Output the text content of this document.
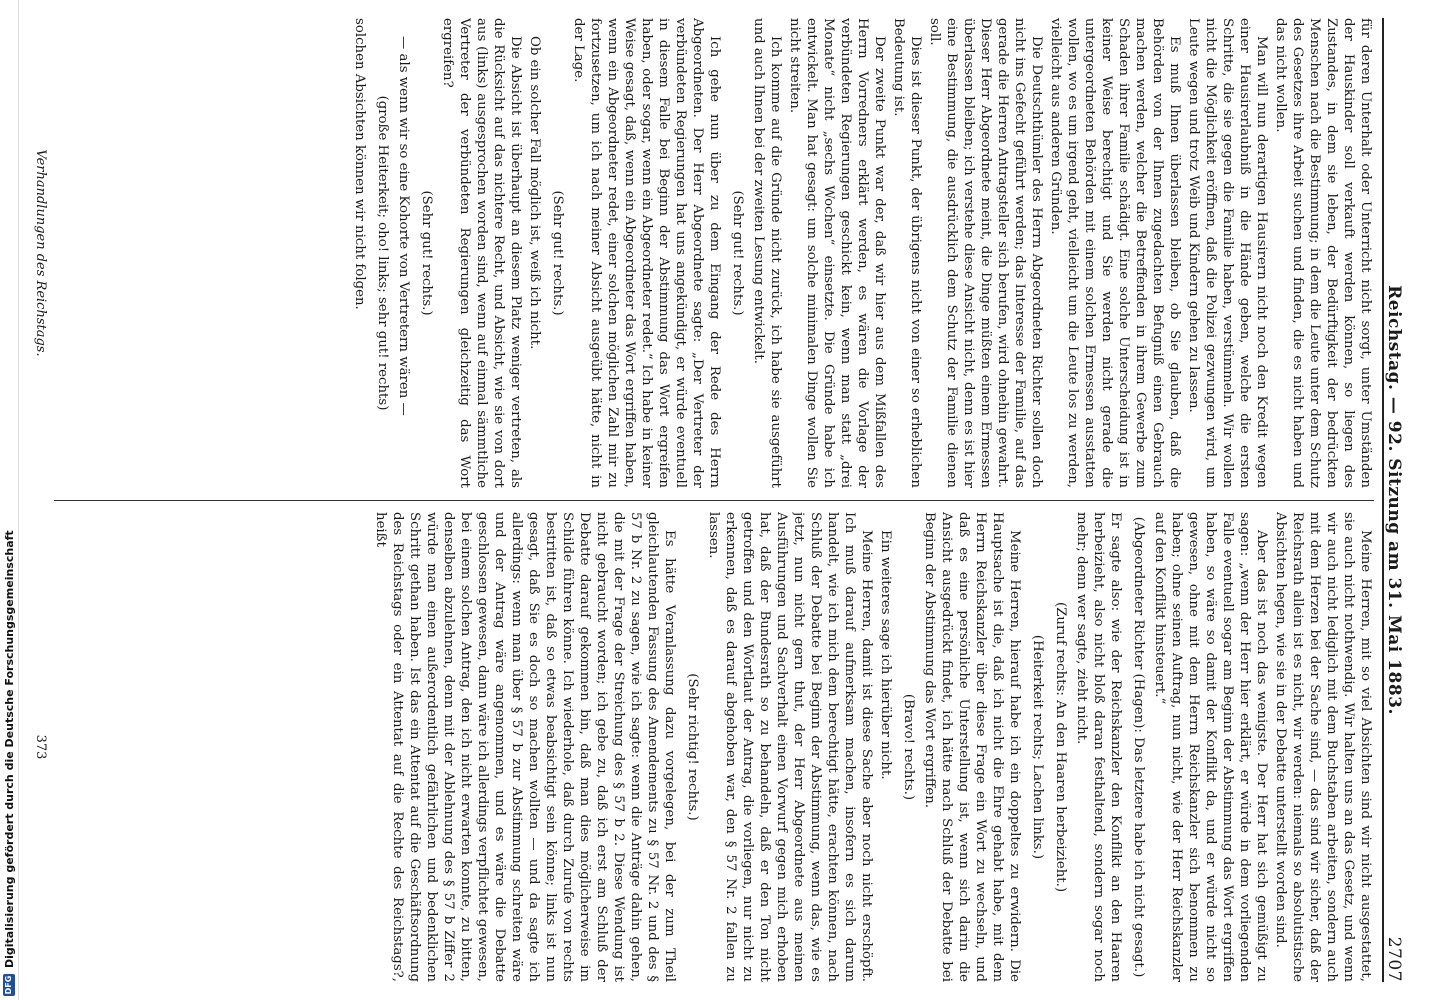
DFG
Digitalisierung gefördert durch die Deutsche Forschungsgemeinschaft
Reichstag. — 92. Sitzung am 31. Mai 1883.
2707

für deren Unterhalt oder Unterricht nicht sorgt, unter Umständen der Hauskinder soll verkauft werden können, so liegen des Zustandes, in dem sie leben, der Bedürftigkeit der bedrückten Menschen nach die Bestimmung; in dem die Leute unter dem Schutz des Gesetzes ihre Arbeit suchen und finden, die es nicht haben und das nicht wollen.

Man will nun derartigen Hausirern nicht noch den Kredit wegen einer Hausirerlaubniß in die Hände geben, welche die ersten Schritte, die sie gegen die Familie haben, verstümmeln. Wir wollen nicht die Möglichkeit eröffnen, daß die Polizei gezwungen wird, um Leute wegen und trotz Weib und Kindern gehen zu lassen.

Es muß Ihnen überlassen bleiben, ob Sie glauben, daß die Behörden von der Ihnen zugedachten Befugniß einen Gebrauch machen werden, welcher die Betreffenden in ihrem Gewerbe zum Schaden ihrer Familie schädigt. Eine solche Unterscheidung ist in keiner Weise berechtigt und Sie werden nicht gerade die untergeordneten Behörden mit einem solchen Ermessen ausstatten wollen, wo es um irgend geht, vielleicht um die Leute los zu werden, vielleicht aus anderen Gründen.

Die Deutschthümler des Herrn Abgeordneten Richter sollen doch nicht ins Gefecht geführt werden; das Interesse der Familie, auf das gerade die Herren Antragsteller sich berufen, wird ohnehin gewahrt. Dieser Herr Abgeordnete meint, die Dinge müßten einem Ermessen überlassen bleiben; ich verstehe diese Ansicht nicht, denn es ist hier eine Bestimmung, die ausdrücklich dem Schutz der Familie dienen soll.

Dies ist dieser Punkt, der übrigens nicht von einer so erheblichen Bedeutung ist.

Der zweite Punkt war der, daß wir hier aus dem Mißfallen des Herrn Vorredners erklärt werden, es wären die Vorlage der verbündeten Regierungen geschickt kein, wenn man statt „drei Monate“ nicht „sechs Wochen“ einsetzte. Die Gründe habe ich entwickelt. Man hat gesagt: um solche minimalen Dinge wollen Sie nicht streiten.

Ich komme auf die Gründe nicht zurück, ich habe sie ausgeführt und auch Ihnen bei der zweiten Lesung entwickelt.

(Sehr gut! rechts.)

Ich gehe nun über zu dem Eingang der Rede des Herrn Abgeordneten. Der Herr Abgeordnete sagte: „Der Vertreter der verbündeten Regierungen hat uns angekündigt, er würde eventuell in diesem Falle bei Beginn der Abstimmung das Wort ergreifen haben, oder sogar, wenn ein Abgeordneter redet.“ Ich habe in keiner Weise gesagt, daß, wenn ein Abgeordneter das Wort ergriffen haben, wenn ein Abgeordneter redet, einer solchen möglichen Zahl mir zu fortzusetzen, um ich nach meiner Absicht ausgeübt hätte, nicht in der Lage.

(Sehr gut! rechts.)

Ob ein solcher Fall möglich ist, weiß ich nicht.

Die Absicht ist überhaupt an diesem Platz weniger vertreten, als die Rücksicht auf das nichtere Recht, und Absicht, wie sie von dort aus (links) ausgesprochen worden sind, wenn auf einmal sämmtliche Vertreter der verbündeten Regierungen gleichzeitig das Wort ergreifen?

(Sehr gut! rechts.)

— als wenn wir so eine Kohorte von Vertretern wären —

(große Heiterkeit; oho! links; sehr gut! rechts)

solchen Absichten können wir nicht folgen.

Meine Herren, mit so viel Absichten sind wir nicht ausgestattet, sie auch nicht nothwendig. Wir halten uns an das Gesetz, und wenn wir auch nicht lediglich mit dem Buchstaben arbeiten, sondern auch mit dem Herzen bei der Sache sind, — das sind wir sicher, daß der Reichsrath allein ist es nicht, wir werden: niemals so absolutistische Absichten hegen, wie sie in der Debatte unterstellt worden sind.

Aber das ist noch das wenigste. Der Herr hat sich gemüßigt zu sagen: „wenn der Herr hier erklärt, er würde in dem vorliegenden Falle eventuell sogar am Beginn der Abstimmung das Wort ergriffen haben, so wäre so damit der Konflikt da, und er würde nicht so gewesen, ohne mit dem Herrn Reichskanzler sich benommen zu haben; ohne seinen Auftrag, nun nicht, wie der Herr Reichskanzler auf den Konflikt hinsteuert.“

(Abgeordneter Richter (Hagen): Das letztere habe ich nicht gesagt.)

Er sagte also: wie der Reichskanzler den Konflikt an den Haaren herbeizieht, also nicht bloß daran festhaltend, sondern sogar noch mehr; denn wer sagte, zieht nicht.

(Zuruf rechts: An den Haaren herbeizieht.)

(Heiterkeit rechts; Lachen links.)

Meine Herren, hierauf habe ich ein doppeltes zu erwidern. Die Hauptsache ist die, daß ich nicht die Ehre gehabt habe, mit dem Herrn Reichskanzler über diese Frage ein Wort zu wechseln, und daß es eine persönliche Unterstellung ist, wenn sich darin die Ansicht ausgedrückt findet, ich hätte nach Schluß der Debatte bei Beginn der Abstimmung das Wort ergriffen.

(Bravo! rechts.)

Ein weiteres sage ich hierüber nicht.

Meine Herren, damit ist diese Sache aber noch nicht erschöpft. Ich muß darauf aufmerksam machen, insofern es sich darum handelt, wie ich mich dem berechtigt hätte, erachten können, nach Schluß der Debatte bei Beginn der Abstimmung, wenn das, wie es jetzt, nun nicht gern thut, der Herr Abgeordnete aus meinen Ausführungen und Sachverhalt einen Vorwurf gegen mich erhoben hat, daß der Bundesrath so zu behandeln, daß er den Ton nicht getroffen und den Wortlaut der Antrag, die vorliegen, nur nicht zu erkennen, daß es darauf abgehoben war, den § 57 Nr. 2 fallen zu lassen.

(Sehr richtig! rechts.)

Es hätte Veranlassung dazu vorgelegen, bei der zum Theil gleichlautenden Fassung des Amendements zu § 57 Nr. 2 und des § 57 b Nr. 2 zu sagen, wie ich sagte: wenn die Anträge dahin gehen, die mit der Frage der Streichung des § 57 b 2. Diese Wendung ist nicht gebraucht worden; ich gebe zu, daß ich erst am Schluß der Debatte darauf gekommen bin, daß man dies möglicherweise im Schilde führen könne. Ich wiederhole, daß durch Zurufe von rechts bestritten ist, daß so etwas beabsichtigt sein könne; links ist nun gesagt, daß Sie es doch so machen wollten — und da sagte ich allerdings: wenn man über § 57 b zur Abstimmung schreiten wäre und der Antrag wäre angenommen, und es wäre die Debatte geschlossen gewesen, dann wäre ich allerdings verpflichtet gewesen, bei einem solchen Antrag, den ich nicht erwarten konnte, zu bitten, denselben abzulehnen, denn mit der Ablehnung des § 57 b Ziffer 2 würde man einen außerordentlich gefährlichen und bedenklichen Schritt gethan haben. Ist das ein Attentat auf die Geschäftsordnung des Reichstags oder ein Attentat auf die Rechte des Reichstags?, heißt

Verhandlungen des Reichstags.
373
